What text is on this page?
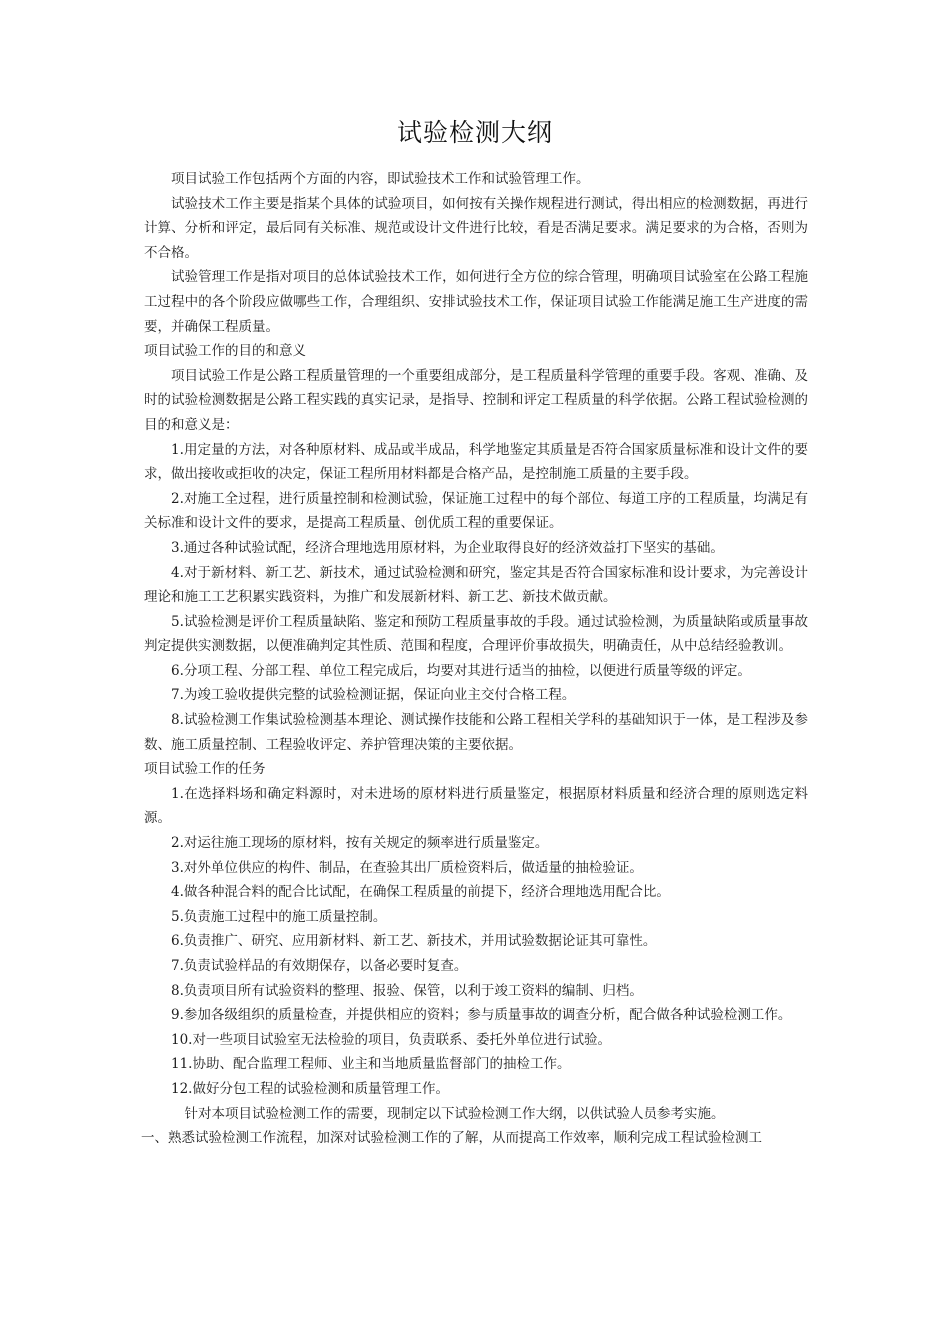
试验检测大纲

项目试验工作包括两个方面的内容，即试验技术工作和试验管理工作。

试验技术工作主要是指某个具体的试验项目，如何按有关操作规程进行测试，得出相应的检测数据，再进行计算、分析和评定，最后同有关标准、规范或设计文件进行比较，看是否满足要求。满足要求的为合格，否则为不合格。

试验管理工作是指对项目的总体试验技术工作，如何进行全方位的综合管理，明确项目试验室在公路工程施工过程中的各个阶段应做哪些工作，合理组织、安排试验技术工作，保证项目试验工作能满足施工生产进度的需要，并确保工程质量。

项目试验工作的目的和意义

项目试验工作是公路工程质量管理的一个重要组成部分，是工程质量科学管理的重要手段。客观、准确、及时的试验检测数据是公路工程实践的真实记录，是指导、控制和评定工程质量的科学依据。公路工程试验检测的目的和意义是：

1.用定量的方法，对各种原材料、成品或半成品，科学地鉴定其质量是否符合国家质量标准和设计文件的要求，做出接收或拒收的决定，保证工程所用材料都是合格产品，是控制施工质量的主要手段。

2.对施工全过程，进行质量控制和检测试验，保证施工过程中的每个部位、每道工序的工程质量，均满足有关标准和设计文件的要求，是提高工程质量、创优质工程的重要保证。

3.通过各种试验试配，经济合理地选用原材料，为企业取得良好的经济效益打下坚实的基础。

4.对于新材料、新工艺、新技术，通过试验检测和研究，鉴定其是否符合国家标准和设计要求，为完善设计理论和施工工艺积累实践资料，为推广和发展新材料、新工艺、新技术做贡献。

5.试验检测是评价工程质量缺陷、鉴定和预防工程质量事故的手段。通过试验检测，为质量缺陷或质量事故判定提供实测数据，以便准确判定其性质、范围和程度，合理评价事故损失，明确责任，从中总结经验教训。

6.分项工程、分部工程、单位工程完成后，均要对其进行适当的抽检，以便进行质量等级的评定。

7.为竣工验收提供完整的试验检测证据，保证向业主交付合格工程。

8.试验检测工作集试验检测基本理论、测试操作技能和公路工程相关学科的基础知识于一体，是工程涉及参数、施工质量控制、工程验收评定、养护管理决策的主要依据。

项目试验工作的任务

1.在选择料场和确定料源时，对未进场的原材料进行质量鉴定，根据原材料质量和经济合理的原则选定料源。

2.对运往施工现场的原材料，按有关规定的频率进行质量鉴定。

3.对外单位供应的构件、制品，在查验其出厂质检资料后，做适量的抽检验证。

4.做各种混合料的配合比试配，在确保工程质量的前提下，经济合理地选用配合比。

5.负责施工过程中的施工质量控制。

6.负责推广、研究、应用新材料、新工艺、新技术，并用试验数据论证其可靠性。

7.负责试验样品的有效期保存，以备必要时复查。

8.负责项目所有试验资料的整理、报验、保管，以利于竣工资料的编制、归档。

9.参加各级组织的质量检查，并提供相应的资料；参与质量事故的调查分析，配合做各种试验检测工作。

10.对一些项目试验室无法检验的项目，负责联系、委托外单位进行试验。

11.协助、配合监理工程师、业主和当地质量监督部门的抽检工作。

12.做好分包工程的试验检测和质量管理工作。

针对本项目试验检测工作的需要，现制定以下试验检测工作大纲，以供试验人员参考实施。

一、熟悉试验检测工作流程，加深对试验检测工作的了解，从而提高工作效率，顺利完成工程试验检测工
